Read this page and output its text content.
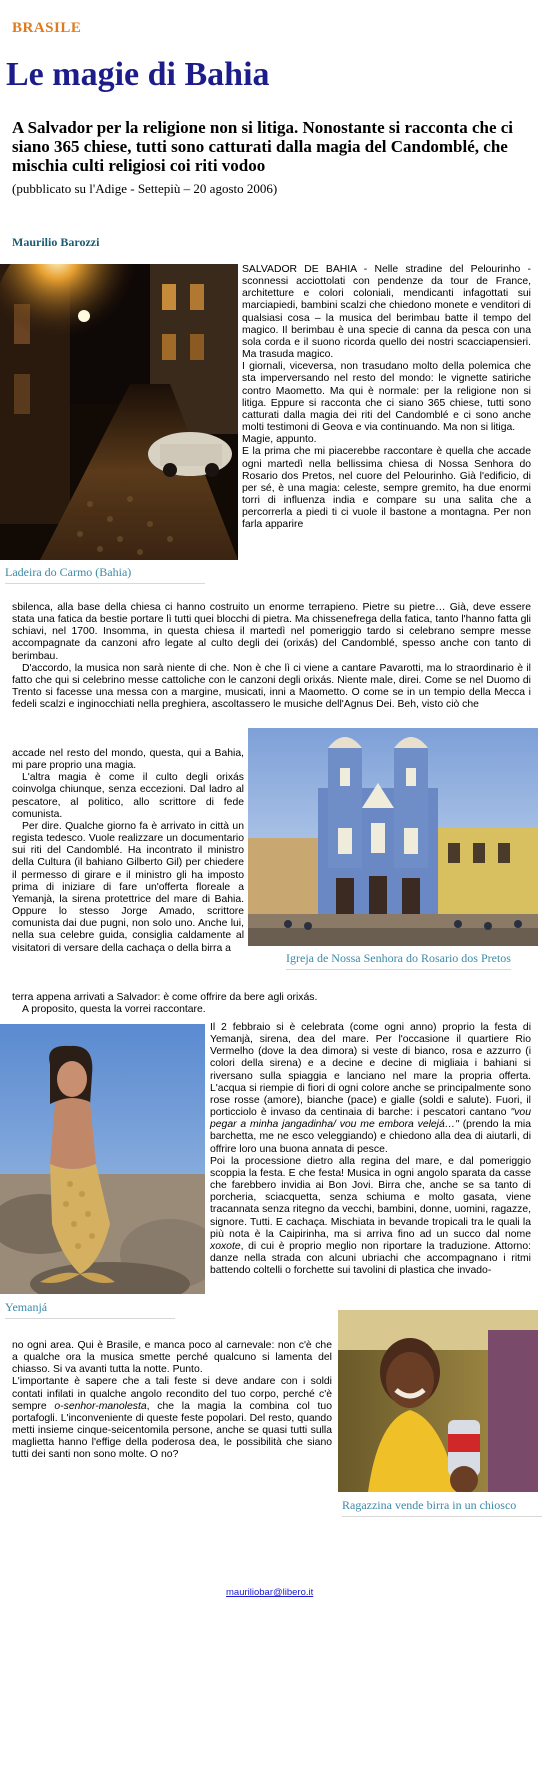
BRASILE
Le magie di Bahia

A Salvador per la religione non si litiga. Nonostante si racconta che ci siano 365 chiese, tutti sono catturati dalla magia del Candomblé, che mischia culti religiosi coi riti vodoo

(pubblicato su l'Adige - Settepiù – 20 agosto 2006)
Maurilio Barozzi
Ladeira do Carmo (Bahia)

SALVADOR DE BAHIA - Nelle stradine del Pelourinho - sconnessi acciottolati con pendenze da tour de France, architetture e colori coloniali, mendicanti infagottati sui marciapiedi, bambini scalzi che chiedono monete e venditori di qualsiasi cosa – la musica del berimbau batte il tempo del magico. Il berimbau è una specie di canna da pesca con una sola corda e il suono ricorda quello dei nostri scacciapensieri. Ma trasuda magico.

I giornali, viceversa, non trasudano molto della polemica che sta imperversando nel resto del mondo: le vignette satiriche contro Maometto. Ma qui è normale: per la religione non si litiga. Eppure si racconta che ci siano 365 chiese, tutti sono catturati dalla magia dei riti del Candomblé e ci sono anche molti testimoni di Geova e via continuando. Ma non si litiga.

Magie, appunto.

E la prima che mi piacerebbe raccontare è quella che accade ogni martedì nella bellissima chiesa di Nossa Senhora do Rosario dos Pretos, nel cuore del Pelourinho. Già l'edificio, di per sé, è una magia: celeste, sempre gremito, ha due enormi torri di influenza india e compare su una salita che a percorrerla a piedi ti ci vuole il bastone a montagna. Per non farla apparire

sbilenca, alla base della chiesa ci hanno costruito un enorme terrapieno. Pietre su pietre… Già, deve essere stata una fatica da bestie portare lì tutti quei blocchi di pietra. Ma chissenefrega della fatica, tanto l'hanno fatta gli schiavi, nel 1700. Insomma, in questa chiesa il martedì nel pomeriggio tardo si celebrano sempre messe accompagnate da canzoni afro legate al culto degli dei (orixás) del Candomblé, spesso anche con tanto di berimbau.

D'accordo, la musica non sarà niente di che. Non è che lì ci viene a cantare Pavarotti, ma lo straordinario è il fatto che qui si celebrino messe cattoliche con le canzoni degli orixás. Niente male, direi. Come se nel Duomo di Trento si facesse una messa con a margine, musicati, inni a Maometto. O come se in un tempio della Mecca i fedeli scalzi e inginocchiati nella preghiera, ascoltassero le musiche dell'Agnus Dei. Beh, visto ciò che

Igreja de Nossa Senhora do Rosario dos Pretos

accade nel resto del mondo, questa, qui a Bahia, mi pare proprio una magia.

L'altra magia è come il culto degli orixás coinvolga chiunque, senza eccezioni. Dal ladro al pescatore, al politico, allo scrittore di fede comunista.

Per dire. Qualche giorno fa è arrivato in città un regista tedesco. Vuole realizzare un documentario sui riti del Candomblé. Ha incontrato il ministro della Cultura (il bahiano Gilberto Gil) per chiedere il permesso di girare e il ministro gli ha imposto prima di iniziare di fare un'offerta floreale a Yemanjà, la sirena protettrice del mare di Bahia. Oppure lo stesso Jorge Amado, scrittore comunista dai due pugni, non solo uno. Anche lui, nella sua celebre guida, consiglia caldamente al visitatori di versare della cachaça o della birra a

terra appena arrivati a Salvador: è come offrire da bere agli orixás.

A proposito, questa la vorrei raccontare.

Yemanjá

Il 2 febbraio si è celebrata (come ogni anno) proprio la festa di Yemanjà, sirena, dea del mare. Per l'occasione il quartiere Rio Vermelho (dove la dea dimora) si veste di bianco, rosa e azzurro (i colori della sirena) e a decine e decine di migliaia i bahiani si riversano sulla spiaggia e lanciano nel mare la propria offerta. L'acqua si riempie di fiori di ogni colore anche se principalmente sono rose rosse (amore), bianche (pace) e gialle (soldi e salute). Fuori, il porticciolo è invaso da centinaia di barche: i pescatori cantano "vou pegar a minha jangadinha/ vou me embora velejá…" (prendo la mia barchetta, me ne esco veleggiando) e chiedono alla dea di aiutarli, di offrire loro una buona annata di pesce.

Poi la processione dietro alla regina del mare, e dal pomeriggio scoppia la festa. E che festa! Musica in ogni angolo sparata da casse che farebbero invidia ai Bon Jovi. Birra che, anche se sa tanto di porcheria, sciacquetta, senza schiuma e molto gasata, viene tracannata senza ritegno da vecchi, bambini, donne, uomini, ragazze, signore. Tutti. E cachaça. Mischiata in bevande tropicali tra le quali la più nota è la Caipirinha, ma si arriva fino ad un succo dal nome xoxote, di cui è proprio meglio non riportare la traduzione. Attorno: danze nella strada con alcuni ubriachi che accompagnano i ritmi battendo coltelli o forchette sui tavolini di plastica che invado-

Ragazzina vende birra in un chiosco

no ogni area. Qui è Brasile, e manca poco al carnevale: non c'è che a qualche ora la musica smette perché qualcuno si lamenta del chiasso. Si va avanti tutta la notte. Punto.

L'importante è sapere che a tali feste si deve andare con i soldi contati infilati in qualche angolo recondito del tuo corpo, perché c'è sempre o-senhor-manolesta, che la magia la combina col tuo portafogli. L'inconveniente di queste feste popolari. Del resto, quando metti insieme cinque-seicentomila persone, anche se quasi tutti sulla maglietta hanno l'effige della poderosa dea, le possibilità che siano tutti dei santi non sono molte. O no?

mauriliobar@libero.it
